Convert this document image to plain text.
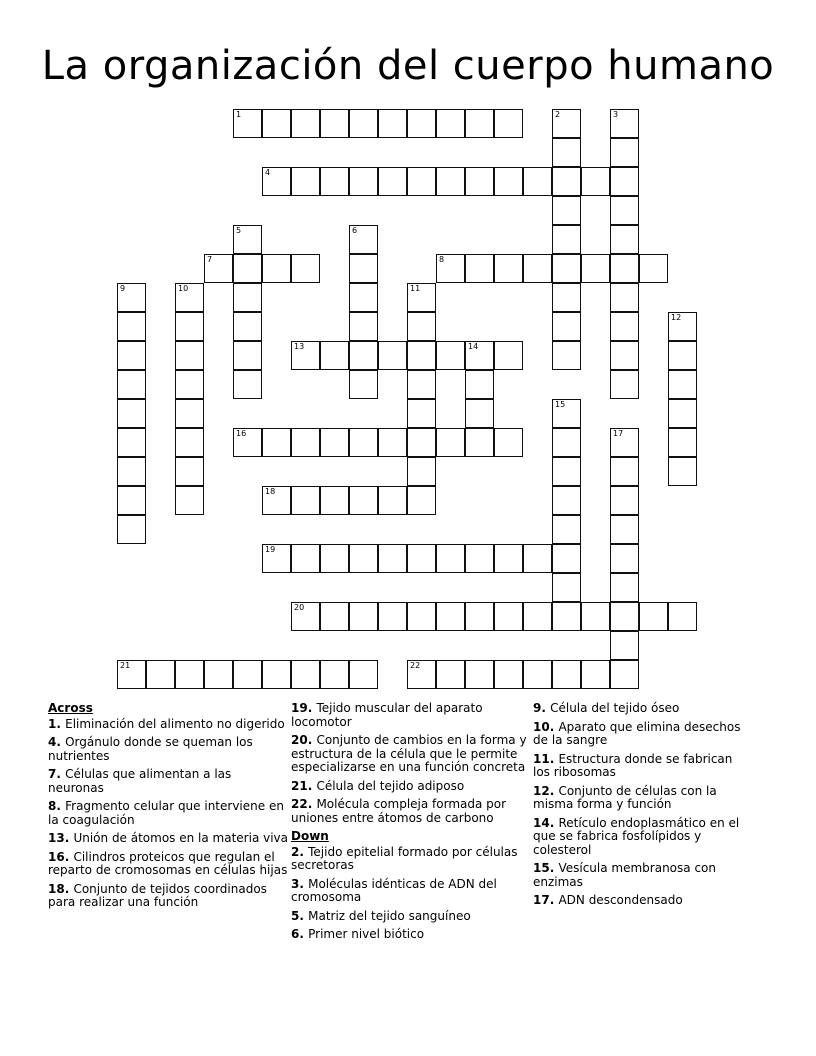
La organización del cuerpo humano
1	2	3
4
5	6
7	8
9	10	11
12
13	14
15
16	17
18
19
20
21	22
Across
1. Eliminación del alimento no digerido
4. Orgánulo donde se queman los nutrientes
7. Células que alimentan a las neuronas
8. Fragmento celular que interviene en la coagulación
13. Unión de átomos en la materia viva
16. Cilindros proteicos que regulan el reparto de cromosomas en células hijas
18. Conjunto de tejidos coordinados para realizar una función
19. Tejido muscular del aparato locomotor
20. Conjunto de cambios en la forma y estructura de la célula que le permite especializarse en una función concreta
21. Célula del tejido adiposo
22. Molécula compleja formada por uniones entre átomos de carbono
Down
2. Tejido epitelial formado por células secretoras
3. Moléculas idénticas de ADN del cromosoma
5. Matriz del tejido sanguíneo
6. Primer nivel biótico
9. Célula del tejido óseo
10. Aparato que elimina desechos de la sangre
11. Estructura donde se fabrican los ribosomas
12. Conjunto de células con la misma forma y función
14. Retículo endoplasmático en el que se fabrica fosfolípidos y colesterol
15. Vesícula membranosa con enzimas
17. ADN descondensado
